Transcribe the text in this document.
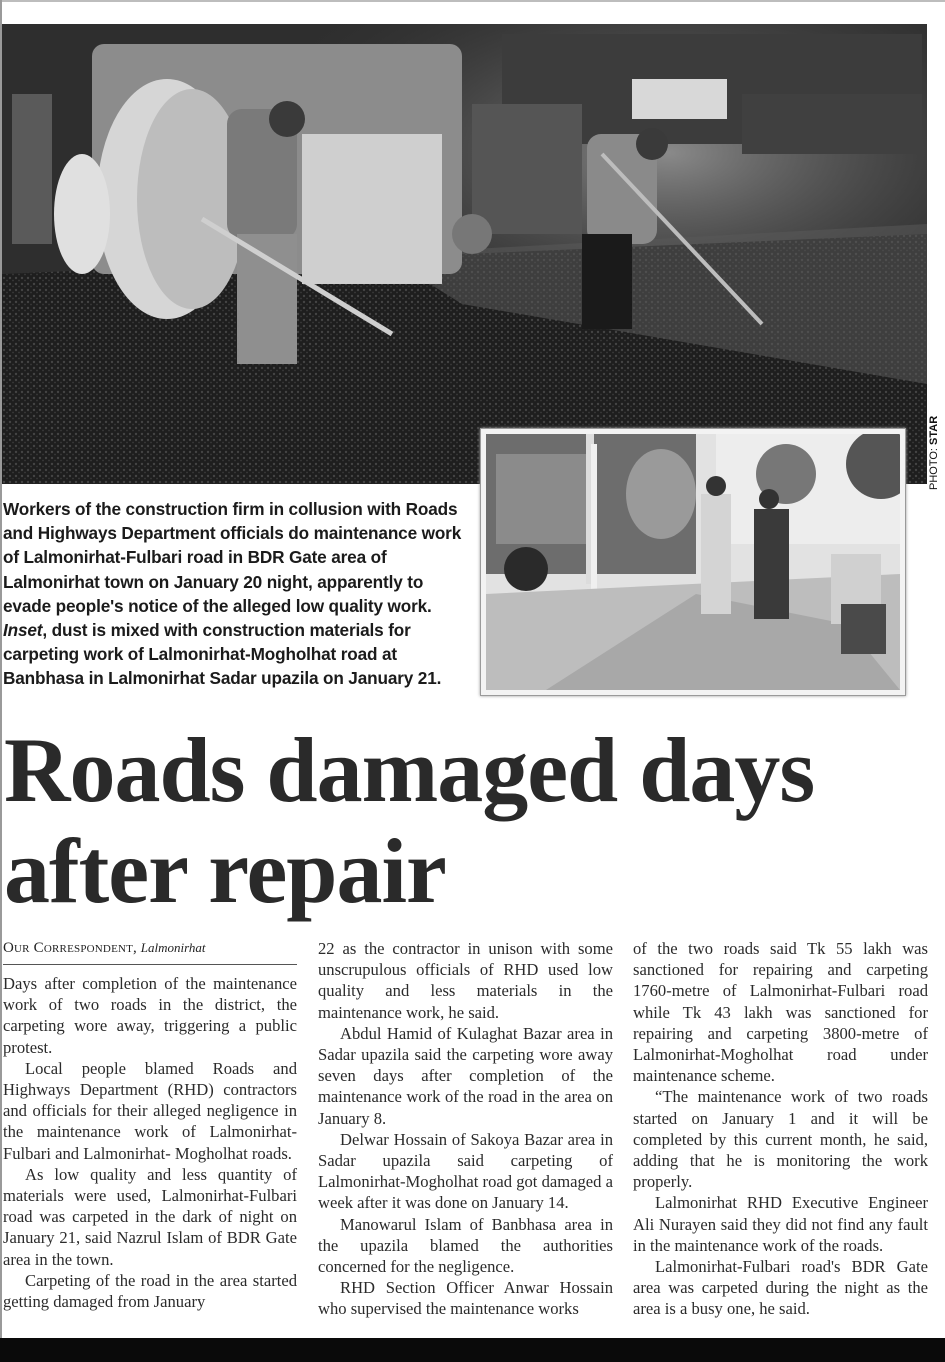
PHOTO: STAR
Workers of the construction firm in collusion with Roads and Highways Department officials do maintenance work of Lalmonirhat-Fulbari road in BDR Gate area of Lalmonirhat town on January 20 night, apparently to evade people's notice of the alleged low quality work. Inset, dust is mixed with construction materials for carpeting work of Lalmonirhat-Mogholhat road at Banbhasa in Lalmonirhat Sadar upazila on January 21.
Roads damaged days after repair
Our Correspondent, Lalmonirhat

Days after completion of the maintenance work of two roads in the district, the carpeting wore away, triggering a public protest.

Local people blamed Roads and Highways Department (RHD) contractors and officials for their alleged negligence in the maintenance work of Lalmonirhat-Fulbari and Lalmonirhat- Mogholhat roads.

As low quality and less quantity of materials were used, Lalmonirhat-Fulbari road was carpeted in the dark of night on January 21, said Nazrul Islam of BDR Gate area in the town.

Carpeting of the road in the area started getting damaged from January

22 as the contractor in unison with some unscrupulous officials of RHD used low quality and less materials in the maintenance work, he said.

Abdul Hamid of Kulaghat Bazar area in Sadar upazila said the carpeting wore away seven days after completion of the maintenance work of the road in the area on January 8.

Delwar Hossain of Sakoya Bazar area in Sadar upazila said carpeting of Lalmonirhat-Mogholhat road got damaged a week after it was done on January 14.

Manowarul Islam of Banbhasa area in the upazila blamed the authorities concerned for the negligence.

RHD Section Officer Anwar Hossain who supervised the maintenance works

of the two roads said Tk 55 lakh was sanctioned for repairing and carpeting 1760-metre of Lalmonirhat-Fulbari road while Tk 43 lakh was sanctioned for repairing and carpeting 3800-metre of Lalmonirhat-Mogholhat road under maintenance scheme.

“The maintenance work of two roads started on January 1 and it will be completed by this current month, he said, adding that he is monitoring the work properly.

Lalmonirhat RHD Executive Engineer Ali Nurayen said they did not find any fault in the maintenance work of the roads.

Lalmonirhat-Fulbari road's BDR Gate area was carpeted during the night as the area is a busy one, he said.
